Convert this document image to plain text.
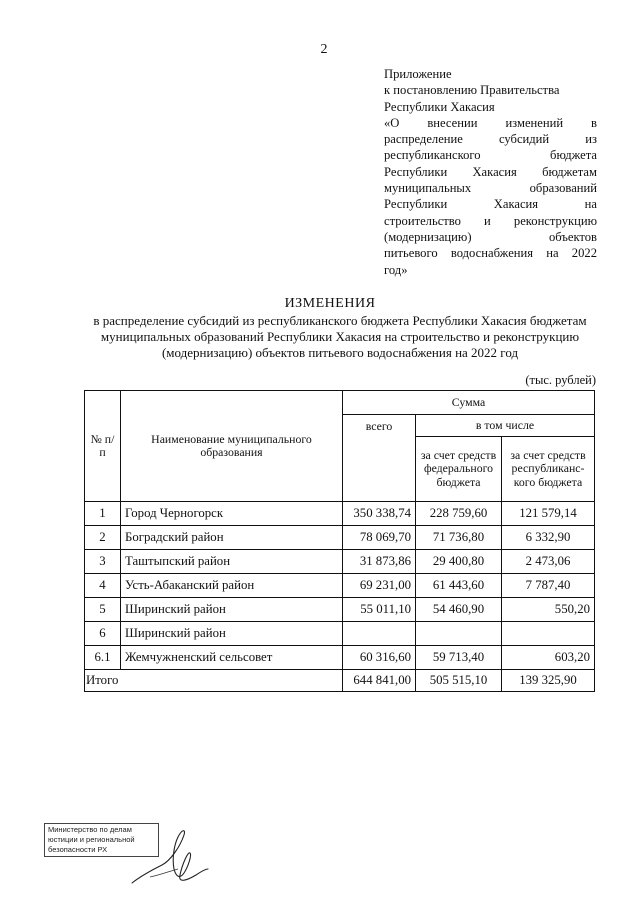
2
Приложение
к постановлению Правительства
Республики Хакасия
«О внесении изменений в
распределение субсидий из
республиканского бюджета
Республики Хакасия бюджетам
муниципальных образований
Республики Хакасия на
строительство и реконструкцию
(модернизацию) объектов
питьевого водоснабжения на 2022
год»
ИЗМЕНЕНИЯ
в распределение субсидий из республиканского бюджета Республики Хакасия бюджетам муниципальных образований Республики Хакасия на строительство и реконструкцию (модернизацию) объектов питьевого водоснабжения на 2022 год
(тыс. рублей)
№ п/п	Наименование муниципального образования	Сумма		
		всего	в том числе	
			за счет средств федерального бюджета	за счет средств республиканс-кого бюджета
1	Город Черногорск	350 338,74	228 759,60	121 579,14
2	Боградский район	78 069,70	71 736,80	6 332,90
3	Таштыпский район	31 873,86	29 400,80	2 473,06
4	Усть-Абаканский район	69 231,00	61 443,60	7 787,40
5	Ширинский район	55 011,10	54 460,90	550,20
6	Ширинский район			
6.1	Жемчужненский сельсовет	60 316,60	59 713,40	603,20
Итого		644 841,00	505 515,10	139 325,90
Министерство по делам юстиции и региональной безопасности РХ
